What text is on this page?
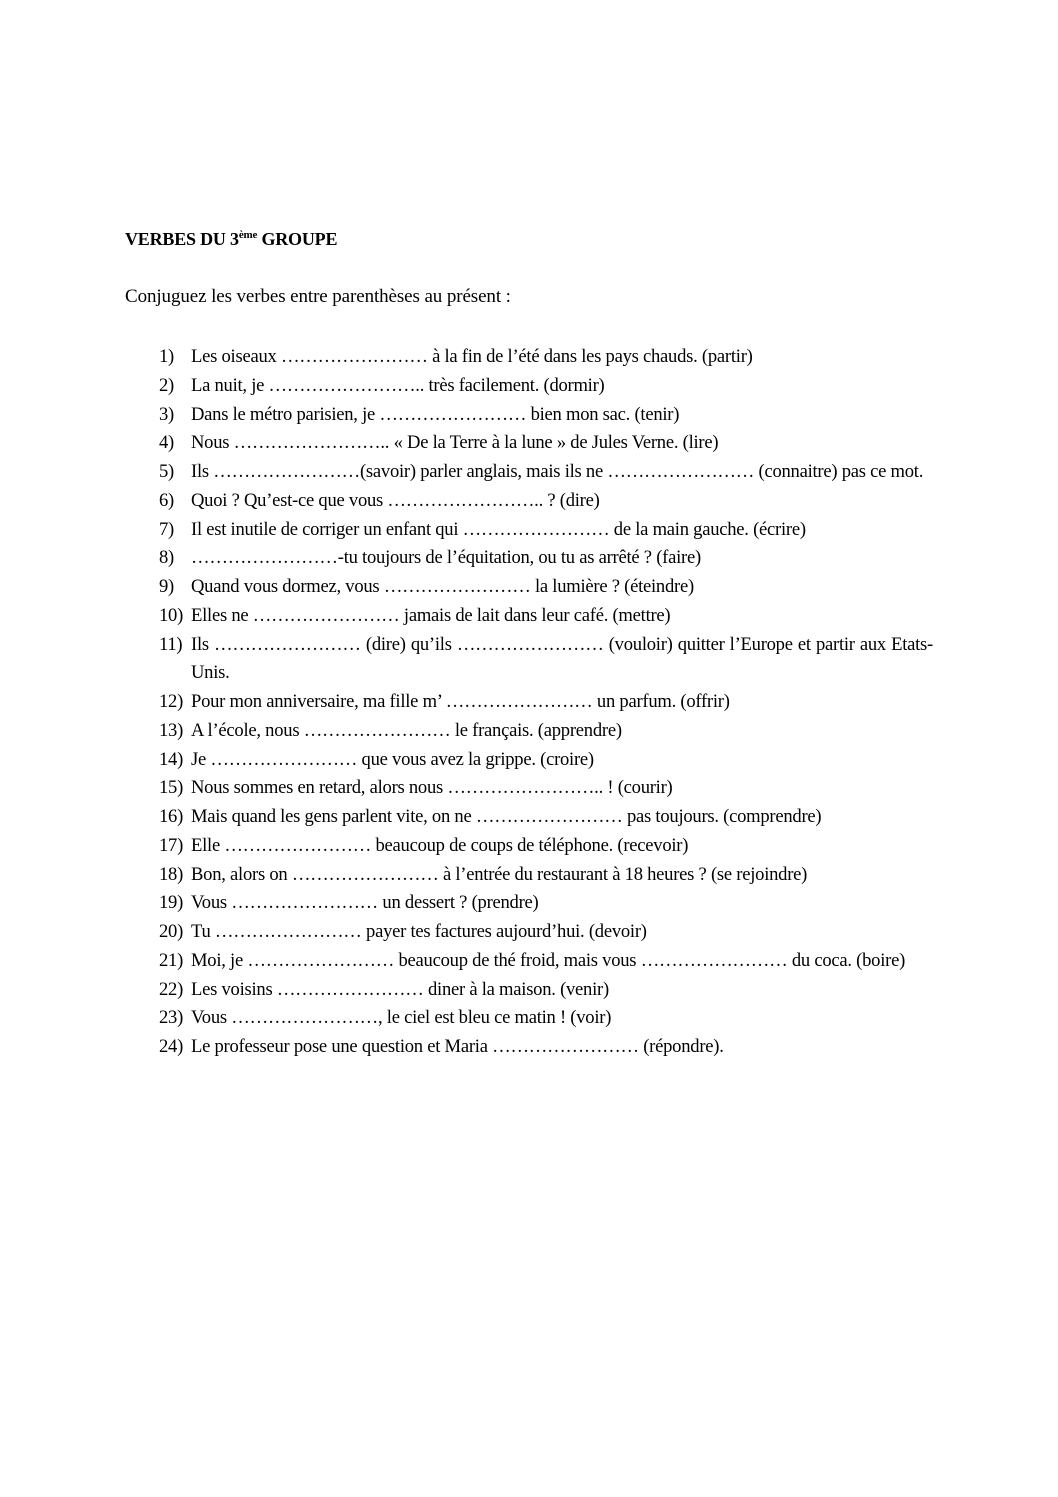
VERBES DU 3ème GROUPE
Conjuguez les verbes entre parenthèses au présent :
1) Les oiseaux …………………… à la fin de l’été dans les pays chauds. (partir)
2) La nuit, je …………………….. très facilement. (dormir)
3) Dans le métro parisien, je …………………… bien mon sac. (tenir)
4) Nous …………………….. « De la Terre à la lune » de Jules Verne. (lire)
5) Ils ……………………(savoir) parler anglais, mais ils ne …………………… (connaitre) pas ce mot.
6) Quoi ? Qu’est-ce que vous …………………….. ? (dire)
7) Il est inutile de corriger un enfant qui …………………… de la main gauche. (écrire)
8) ……………………-tu toujours de l’équitation, ou tu as arrêté ? (faire)
9) Quand vous dormez, vous …………………… la lumière ? (éteindre)
10) Elles ne …………………… jamais de lait dans leur café. (mettre)
11) Ils …………………… (dire) qu’ils …………………… (vouloir) quitter l’Europe et partir aux Etats-Unis.
12) Pour mon anniversaire, ma fille m’ …………………… un parfum. (offrir)
13) A l’école, nous …………………… le français. (apprendre)
14) Je …………………… que vous avez la grippe. (croire)
15) Nous sommes en retard, alors nous …………………….. ! (courir)
16) Mais quand les gens parlent vite, on ne …………………… pas toujours. (comprendre)
17) Elle …………………… beaucoup de coups de téléphone. (recevoir)
18) Bon, alors on …………………… à l’entrée du restaurant à 18 heures ? (se rejoindre)
19) Vous …………………… un dessert ? (prendre)
20) Tu …………………… payer tes factures aujourd’hui. (devoir)
21) Moi, je …………………… beaucoup de thé froid, mais vous …………………… du coca. (boire)
22) Les voisins …………………… diner à la maison. (venir)
23) Vous ……………………, le ciel est bleu ce matin ! (voir)
24) Le professeur pose une question et Maria …………………… (répondre).
